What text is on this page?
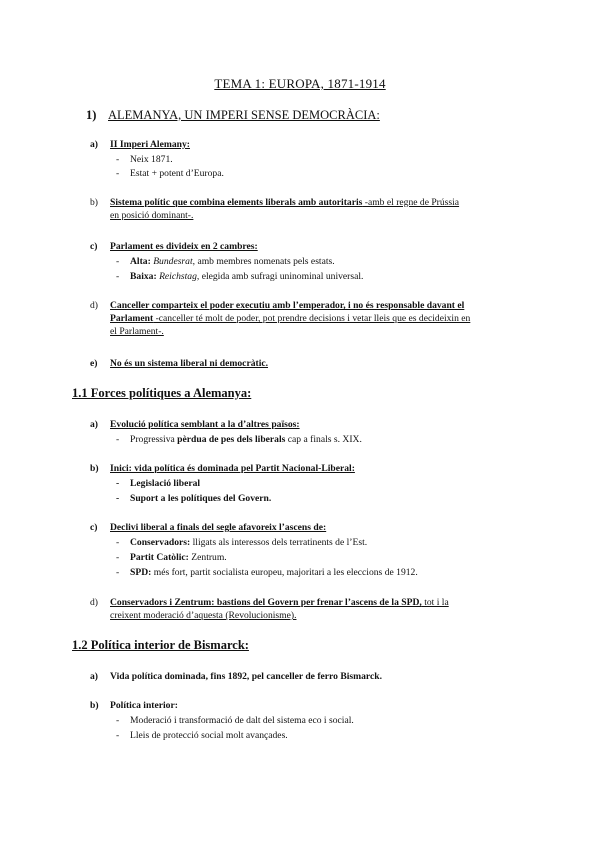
TEMA 1: EUROPA, 1871-1914
1) ALEMANYA, UN IMPERI SENSE DEMOCRÀCIA:
a)	II Imperi Alemany:
- Neix 1871.
- Estat + potent d’Europa.
b)	Sistema polític que combina elements liberals amb autoritaris -amb el regne de Prússia
en posició dominant-.
c)	Parlament es divideix en 2 cambres:
- Alta: Bundesrat, amb membres nomenats pels estats.
- Baixa: Reichstag, elegida amb sufragi uninominal universal.
d)	Canceller comparteix el poder executiu amb l’emperador, i no és responsable davant el
Parlament -canceller té molt de poder, pot prendre decisions i vetar lleis que es decideixin en
el Parlament-.
e)	No és un sistema liberal ni democràtic.
1.1 Forces polítiques a Alemanya:
a)	Evolució política semblant a la d’altres països:
- Progressiva pèrdua de pes dels liberals cap a finals s. XIX.
b)	Inici: vida política és dominada pel Partit Nacional-Liberal:
- Legislació liberal
- Suport a les polítiques del Govern.
c)	Declivi liberal a finals del segle afavoreix l’ascens de:
- Conservadors: lligats als interessos dels terratinents de l’Est.
- Partit Catòlic: Zentrum.
- SPD: més fort, partit socialista europeu, majoritari a les eleccions de 1912.
d)	Conservadors i Zentrum: bastions del Govern per frenar l’ascens de la SPD, tot i la
creixent moderació d’aquesta (Revolucionisme).
1.2 Política interior de Bismarck:
a)	Vida política dominada, fins 1892, pel canceller de ferro Bismarck.
b)	Política interior:
- Moderació i transformació de dalt del sistema eco i social.
- Lleis de protecció social molt avançades.
